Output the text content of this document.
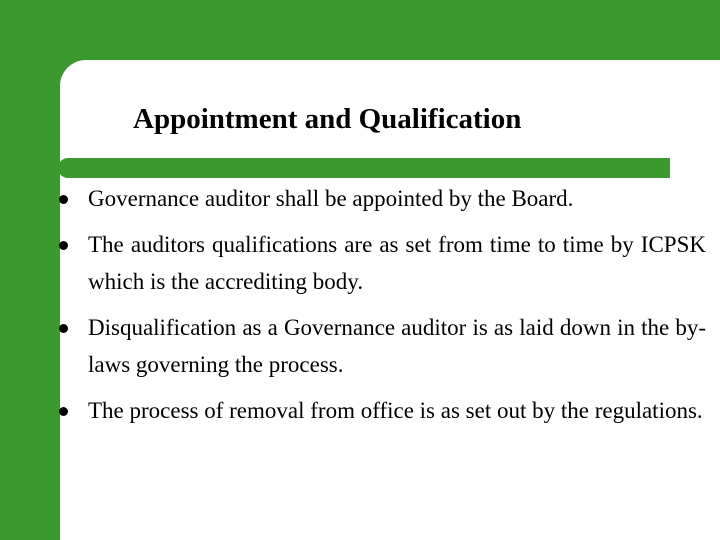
Appointment and Qualification
Governance auditor shall be appointed by the Board.
The auditors qualifications are as set from time to time by ICPSK which is the accrediting body.
Disqualification as a Governance auditor is as laid down in the by-laws governing the process.
The process of removal from office is as set out by the regulations.
